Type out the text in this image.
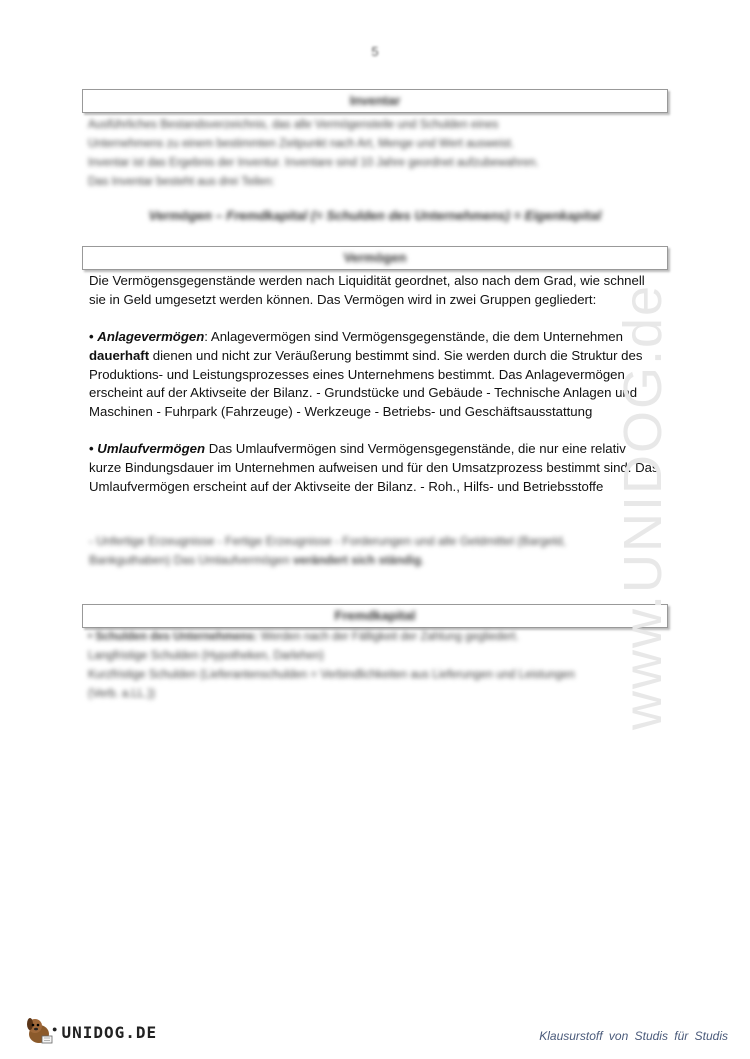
5
Inventar
Ausführliches Bestandsverzeichnis, das alle Vermögensteile und Schulden eines
Unternehmens zu einem bestimmten Zeitpunkt nach Art, Menge und Wert ausweist.
Inventar ist das Ergebnis der Inventur. Inventare sind 10 Jahre geordnet aufzubewahren.
Das Inventar besteht aus drei Teilen:
Vermögen – Fremdkapital (= Schulden des Unternehmens) = Eigenkapital
Vermögen

Die Vermögensgegenstände werden nach Liquidität geordnet, also nach dem Grad, wie schnell sie in Geld umgesetzt werden können. Das Vermögen wird in zwei Gruppen gegliedert:

• Anlagevermögen: Anlagevermögen sind Vermögensgegenstände, die dem Unternehmen dauerhaft dienen und nicht zur Veräußerung bestimmt sind. Sie werden durch die Struktur des Produktions- und Leistungsprozesses eines Unternehmens bestimmt. Das Anlagevermögen erscheint auf der Aktivseite der Bilanz. - Grundstücke und Gebäude - Technische Anlagen und Maschinen - Fuhrpark (Fahrzeuge) - Werkzeuge - Betriebs- und Geschäftsausstattung

• Umlaufvermögen Das Umlaufvermögen sind Vermögensgegenstände, die nur eine relativ kurze Bindungsdauer im Unternehmen aufweisen und für den Umsatzprozess bestimmt sind. Das Umlaufvermögen erscheint auf der Aktivseite der Bilanz. - Roh., Hilfs- und Betriebsstoffe

- Unfertige Erzeugnisse - Fertige Erzeugnisse - Forderungen und alle Geldmittel (Bargeld,
Bankguthaben) Das Umlaufvermögen verändert sich ständig.
Fremdkapital
• Schulden des Unternehmens: Werden nach der Fälligkeit der Zahlung gegliedert.
Langfristige Schulden (Hypotheken, Darlehen)
Kurzfristige Schulden (Lieferantenschulden = Verbindlichkeiten aus Lieferungen und Leistungen
(Verb. a.LL.))	www.UNIDOG.de
● UNIDOG.DE	Klausurstoff von Studis für Studis
